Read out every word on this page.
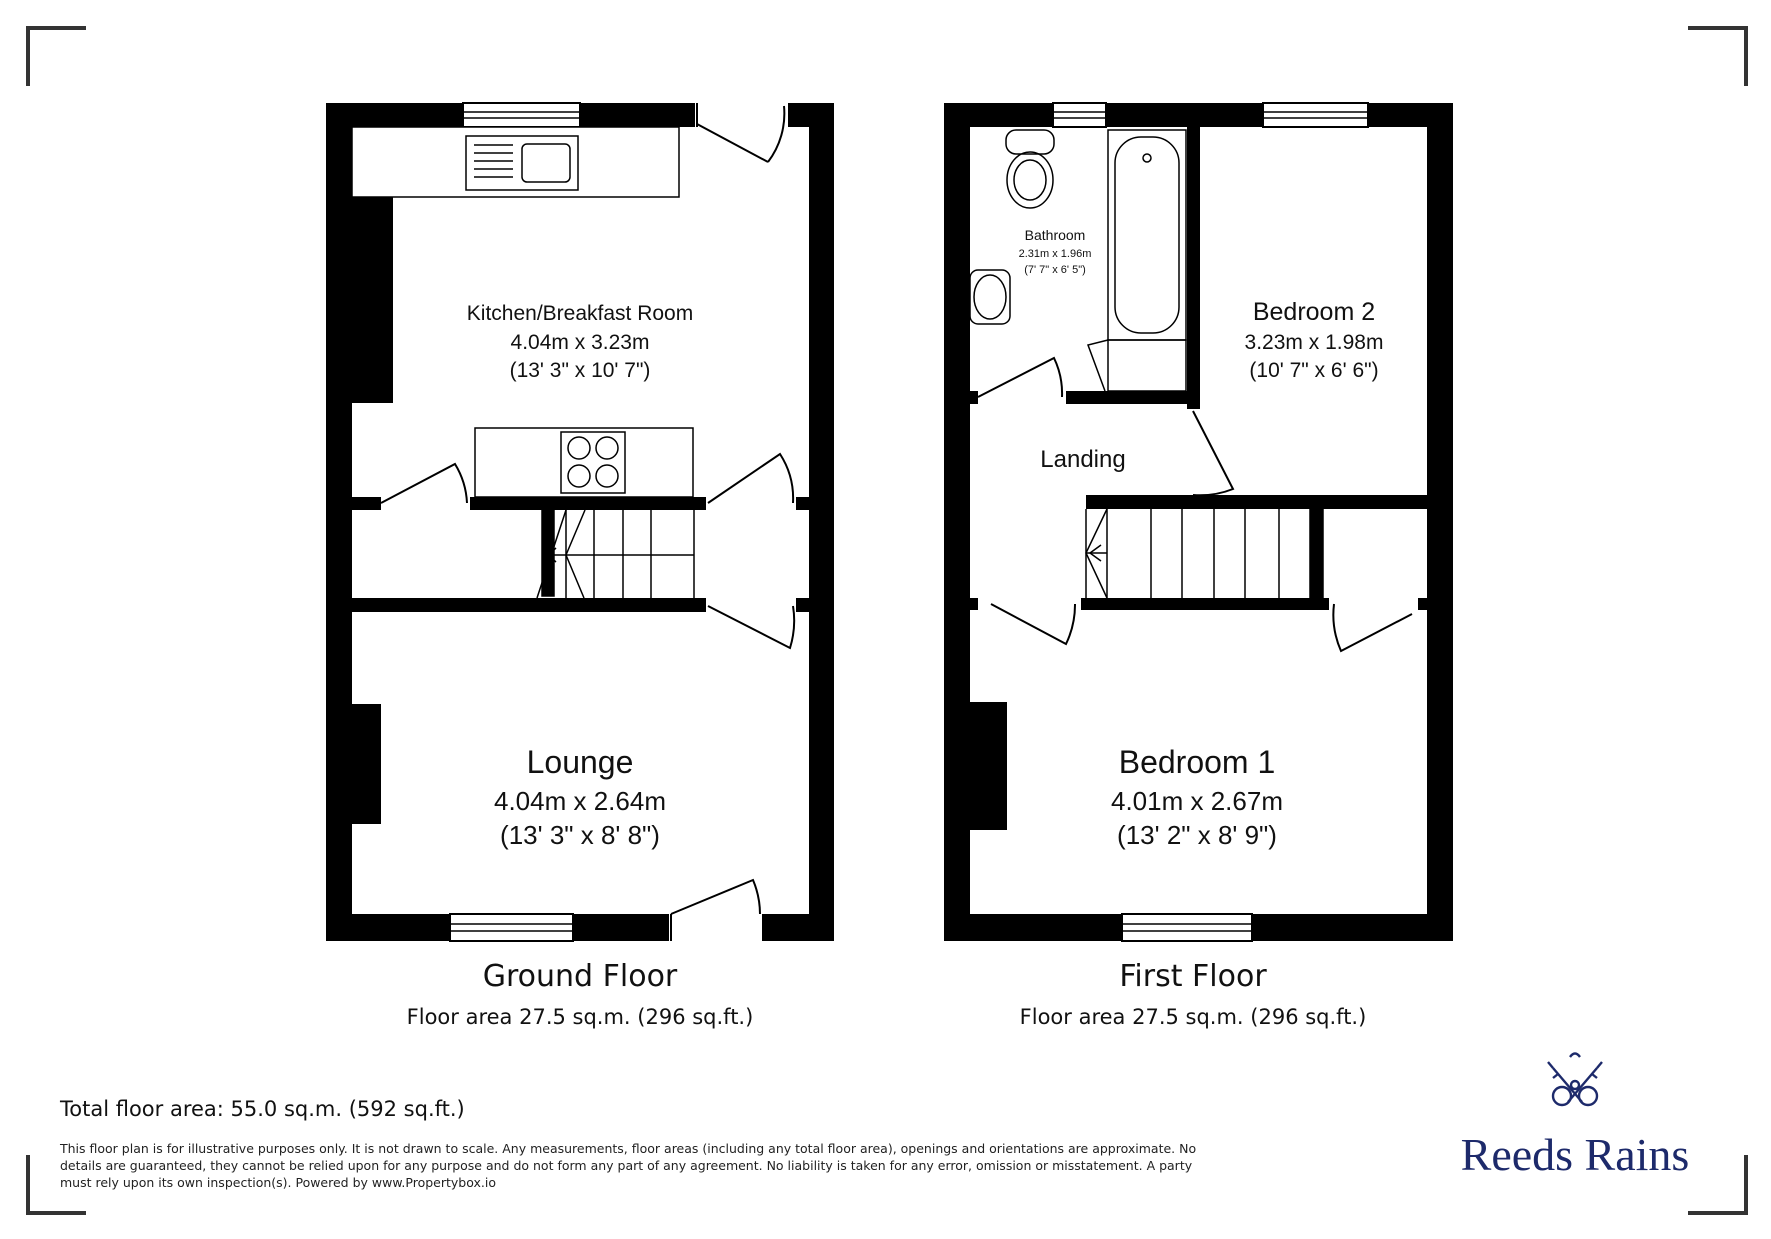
Kitchen/Breakfast Room
4.04m x 3.23m
(13' 3" x 10' 7")
Lounge
4.04m x 2.64m
(13' 3" x 8' 8")
Bathroom
2.31m x 1.96m
(7' 7" x 6' 5")
Bedroom 2
3.23m x 1.98m
(10' 7" x 6' 6")
Landing
Bedroom 1
4.01m x 2.67m
(13' 2" x 8' 9")
Ground Floor
Floor area 27.5 sq.m. (296 sq.ft.)
First Floor
Floor area 27.5 sq.m. (296 sq.ft.)
Total floor area: 55.0 sq.m. (592 sq.ft.)
This floor plan is for illustrative purposes only. It is not drawn to scale. Any measurements, floor areas (including any total floor area), openings and orientations are approximate. No
details are guaranteed, they cannot be relied upon for any purpose and do not form any part of any agreement. No liability is taken for any error, omission or misstatement. A party
must rely upon its own inspection(s). Powered by www.Propertybox.io
Reeds Rains
